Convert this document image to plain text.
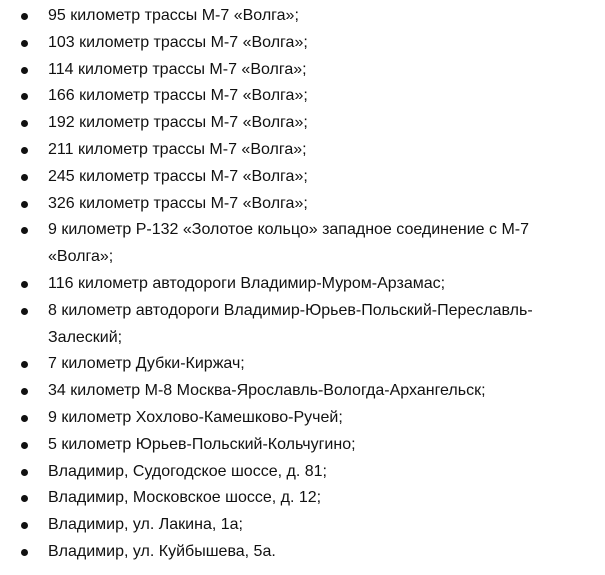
95 километр трассы М-7 «Волга»;
103 километр трассы М-7 «Волга»;
114 километр трассы М-7 «Волга»;
166 километр трассы М-7 «Волга»;
192 километр трассы М-7 «Волга»;
211 километр трассы М-7 «Волга»;
245 километр трассы М-7 «Волга»;
326 километр трассы М-7 «Волга»;
9 километр Р-132 «Золотое кольцо» западное соединение с М-7 «Волга»;
116 километр автодороги Владимир-Муром-Арзамас;
8 километр автодороги Владимир-Юрьев-Польский-Переславль-Залеский;
7 километр Дубки-Киржач;
34 километр М-8 Москва-Ярославль-Вологда-Архангельск;
9 километр Хохлово-Камешково-Ручей;
5 километр Юрьев-Польский-Кольчугино;
Владимир, Судогодское шоссе, д. 81;
Владимир, Московское шоссе, д. 12;
Владимир, ул. Лакина, 1а;
Владимир, ул. Куйбышева, 5а.
